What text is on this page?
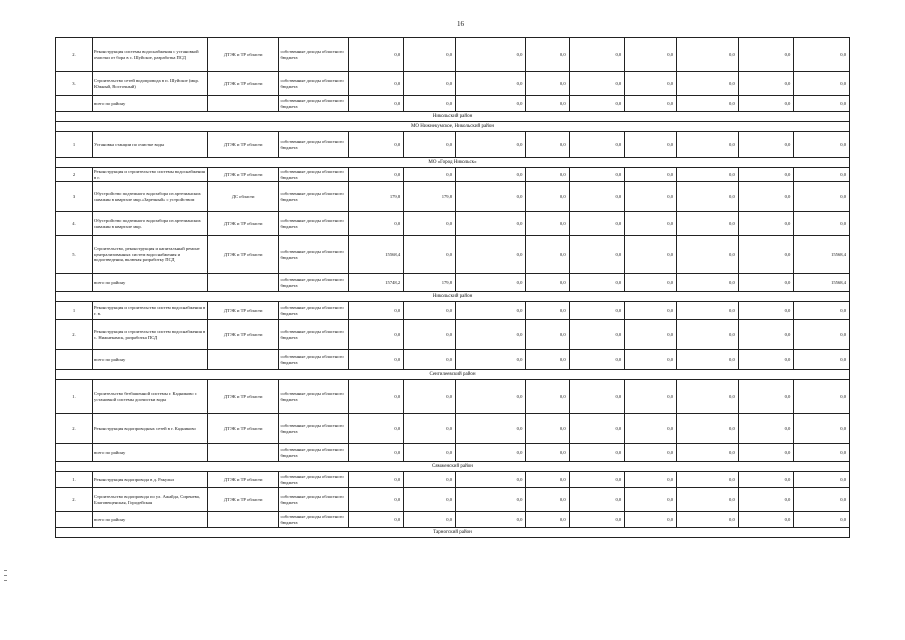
16
2.	Реконструкция системы водоснабжения с установкой очистки от бора в с. Шуйское, разработка ПСД	ДТЭК и ТР области	собственные доходы областного бюджета	0,0	0,0	0,0	0,0	0,0	0,0	0,0	0,0	0,0
3.	Строительство сетей водопровода в п. Шуйское (мкр. Южный, Восточный)	ДТЭК и ТР области	собственные доходы областного бюджета	0,0	0,0	0,0	0,0	0,0	0,0	0,0	0,0	0,0
	всего по району		собственные доходы областного бюджета	0,0	0,0	0,0	0,0	0,0	0,0	0,0	0,0	0,0
Никольский район												
МО Нижнекумское, Никольский район												
1	Установка станции по очистке воды	ДТЭК и ТР области	собственные доходы областного бюджета	0,0	0,0	0,0	0,0	0,0	0,0	0,0	0,0	0,0
МО «Город Никольск»												
2	Реконструкция и строительство системы водоснабжения в г.	ДТЭК и ТР области	собственные доходы областного бюджета	0,0	0,0	0,0	0,0	0,0	0,0	0,0	0,0	0,0
3	Обустройство подземного водозабора из артезианских скважин в квартале мкр.«Заречный» с устройством	ДС области	собственные доходы областного бюджета	179,8	179,8	0,0	0,0	0,0	0,0	0,0	0,0	0,0
4.	Обустройство подземного водозабора из артезианских скважин в квартале мкр.	ДТЭК и ТР области	собственные доходы областного бюджета	0,0	0,0	0,0	0,0	0,0	0,0	0,0	0,0	0,0
5.	Строительство, реконструкция и капитальный ремонт централизованных систем водоснабжения и водоотведения, включая разработку ПСД	ДТЭК и ТР области	собственные доходы областного бюджета	15568,4	0,0	0,0	0,0	0,0	0,0	0,0	0,0	15568,4
	всего по району		собственные доходы областного бюджета	15748,2	179,8	0,0	0,0	0,0	0,0	0,0	0,0	15568,4
Никольский район												
1	Реконструкция и строительство систем водоснабжения в г. в.	ДТЭК и ТР области	собственные доходы областного бюджета	0,0	0,0	0,0	0,0	0,0	0,0	0,0	0,0	0,0
2.	Реконструкция и строительство систем водоснабжения в с. Нижнекамск, разработка ПСД	ДТЭК и ТР области	собственные доходы областного бюджета	0,0	0,0	0,0	0,0	0,0	0,0	0,0	0,0	0,0
	всего по району		собственные доходы областного бюджета	0,0	0,0	0,0	0,0	0,0	0,0	0,0	0,0	0,0
Сенгилеевский район												
1.	Строительство безбашенной системы г. Кадниково с установкой системы доочистки воды	ДТЭК и ТР области	собственные доходы областного бюджета	0,0	0,0	0,0	0,0	0,0	0,0	0,0	0,0	0,0
2.	Реконструкция водопроводных сетей в г. Кадниково	ДТЭК и ТР области	собственные доходы областного бюджета	0,0	0,0	0,0	0,0	0,0	0,0	0,0	0,0	0,0
	всего по району		собственные доходы областного бюджета	0,0	0,0	0,0	0,0	0,0	0,0	0,0	0,0	0,0
Сямженский район												
1.	Реконструкция водопровода в д. Ракульи	ДТЭК и ТР области	собственные доходы областного бюджета	0,0	0,0	0,0	0,0	0,0	0,0	0,0	0,0	0,0
2.	Строительство водопровода по ул. Ажайда, Сиренева, Благовещенская, Городейская	ДТЭК и ТР области	собственные доходы областного бюджета	0,0	0,0	0,0	0,0	0,0	0,0	0,0	0,0	0,0
	всего по району		собственные доходы областного бюджета	0,0	0,0	0,0	0,0	0,0	0,0	0,0	0,0	0,0
Тарногский район												
